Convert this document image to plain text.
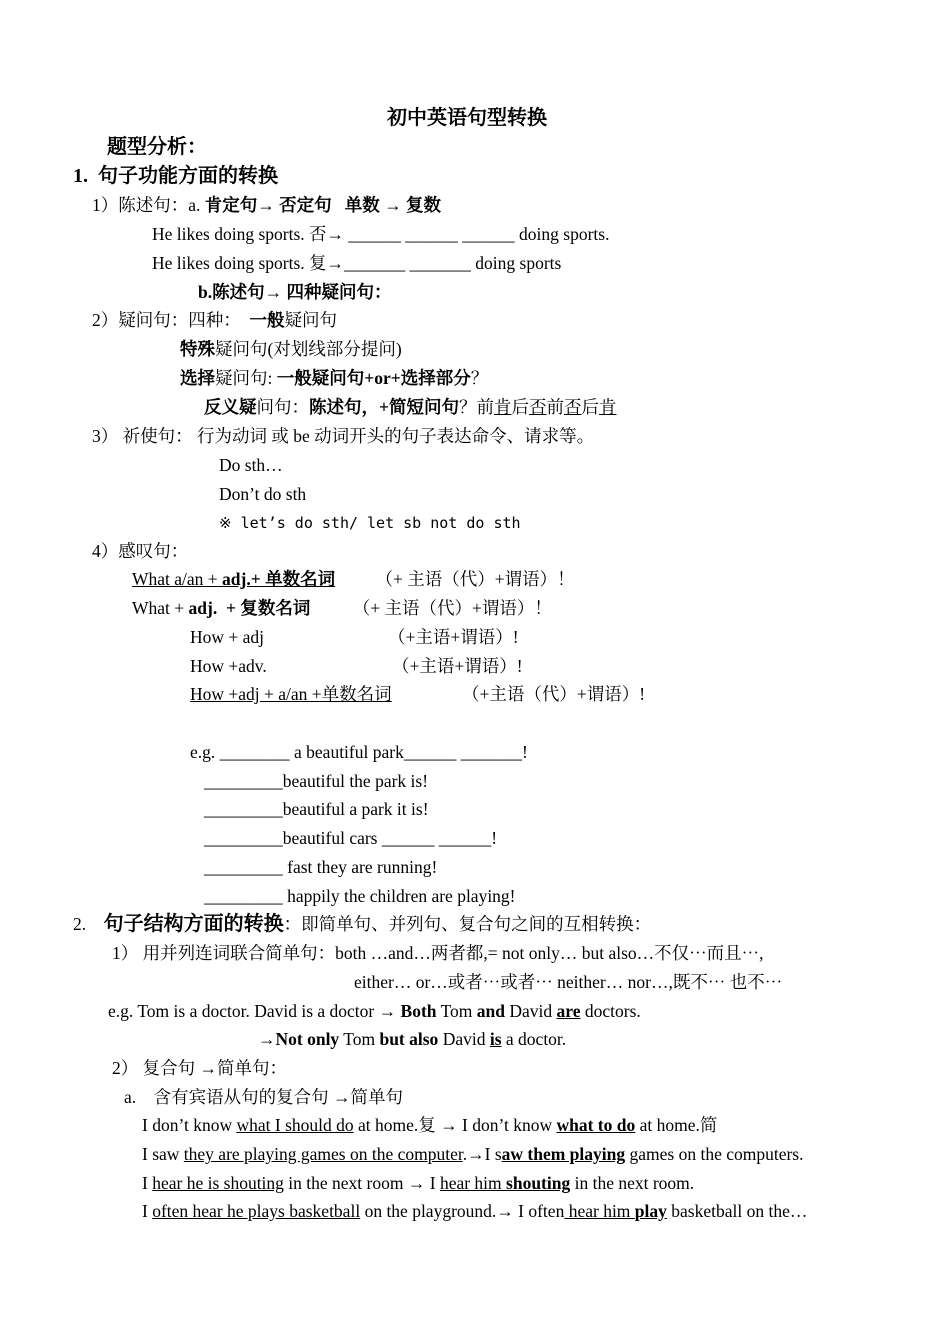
初中英语句型转换
题型分析：
1. 句子功能方面的转换
1）陈述句：a. 肯定句→ 否定句 单数 → 复数
He likes doing sports. 否→ ______ ______ ______ doing sports.
He likes doing sports. 复→_______ _______ doing sports
b.陈述句→ 四种疑问句：
2）疑问句：四种： 一般疑问句
特殊疑问句(对划线部分提问)
选择疑问句: 一般疑问句+or+选择部分？
反义疑问句：陈述句，+简短问句？前肯后否前否后肯
3） 祈使句： 行为动词 或 be 动词开头的句子表达命令、请求等。
Do sth…
Don’t do sth
※ let’s do sth/ let sb not do sth
4）感叹句：
What a/an + adj.+ 单数名词 （+ 主语（代）+谓语）！
What + adj. + 复数名词 （+ 主语（代）+谓语）！
How + adj	（+主语+谓语）!
How +adv.	（+主语+谓语）!
How +adj + a/an +单数名词	（+主语（代）+谓语）!
e.g. ________ a beautiful park______ _______!
_________beautiful the park is!
_________beautiful a park it is!
_________beautiful cars ______ ______!
_________ fast they are running!
_________ happily the children are playing!
2. 句子结构方面的转换：即简单句、并列句、复合句之间的互相转换：
1） 用并列连词联合简单句：both …and…两者都,= not only… but also…不仅⋯而且⋯,
either… or…或者⋯或者⋯ neither… nor…,既不⋯ 也不⋯
e.g. Tom is a doctor. David is a doctor → Both Tom and David are doctors.
→Not only Tom but also David is a doctor.
2） 复合句 →简单句：
a. 含有宾语从句的复合句 →简单句
I don’t know what I should do at home.复 → I don’t know what to do at home.简
I saw they are playing games on the computer.→I saw them playing games on the computers.
I hear he is shouting in the next room → I hear him shouting in the next room.
I often hear he plays basketball on the playground.→ I often hear him play basketball on the…
